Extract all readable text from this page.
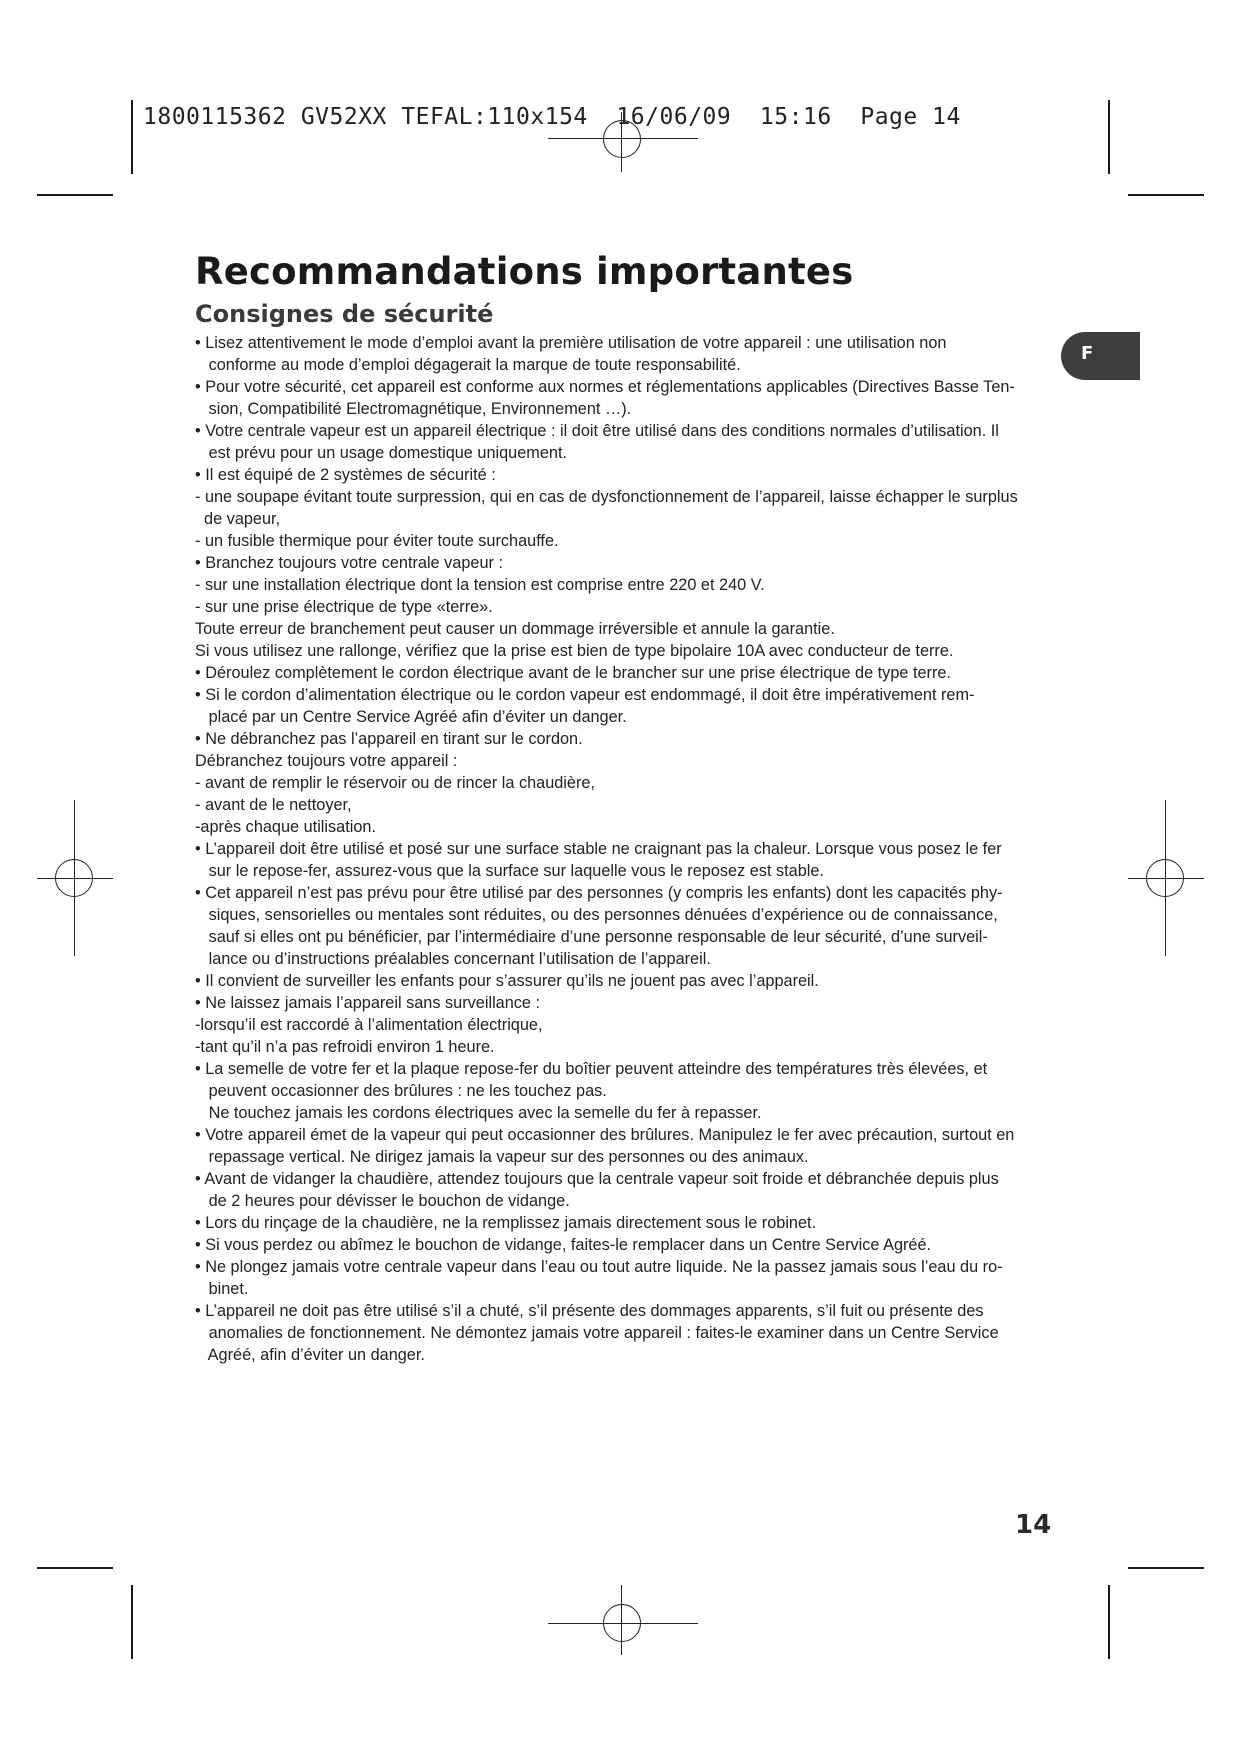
1800115362 GV52XX TEFAL:110x154  16/06/09  15:16  Page 14
Recommandations importantes
Consignes de sécurité
F
• Lisez attentivement le mode d’emploi avant la première utilisation de votre appareil : une utilisation non
conforme au mode d’emploi dégagerait la marque de toute responsabilité.
• Pour votre sécurité, cet appareil est conforme aux normes et réglementations applicables (Directives Basse Ten-
sion, Compatibilité Electromagnétique, Environnement …).
• Votre centrale vapeur est un appareil électrique : il doit être utilisé dans des conditions normales d’utilisation. Il
est prévu pour un usage domestique uniquement.
• Il est équipé de 2 systèmes de sécurité :
- une soupape évitant toute surpression, qui en cas de dysfonctionnement de l’appareil, laisse échapper le surplus
de vapeur,
- un fusible thermique pour éviter toute surchauffe.
• Branchez toujours votre centrale vapeur :
- sur une installation électrique dont la tension est comprise entre 220 et 240 V.
- sur une prise électrique de type «terre».
Toute erreur de branchement peut causer un dommage irréversible et annule la garantie.
Si vous utilisez une rallonge, vérifiez que la prise est bien de type bipolaire 10A avec conducteur de terre.
• Déroulez complètement le cordon électrique avant de le brancher sur une prise électrique de type terre.
• Si le cordon d’alimentation électrique ou le cordon vapeur est endommagé, il doit être impérativement rem-
placé par un Centre Service Agréé afin d’éviter un danger.
• Ne débranchez pas l’appareil en tirant sur le cordon.
Débranchez toujours votre appareil :
- avant de remplir le réservoir ou de rincer la chaudière,
- avant de le nettoyer,
-après chaque utilisation.
• L’appareil doit être utilisé et posé sur une surface stable ne craignant pas la chaleur. Lorsque vous posez le fer
sur le repose-fer, assurez-vous que la surface sur laquelle vous le reposez est stable.
• Cet appareil n’est pas prévu pour être utilisé par des personnes (y compris les enfants) dont les capacités phy-
siques, sensorielles ou mentales sont réduites, ou des personnes dénuées d’expérience ou de connaissance,
sauf si elles ont pu bénéficier, par l’intermédiaire d’une personne responsable de leur sécurité, d’une surveil-
lance ou d’instructions préalables concernant l’utilisation de l’appareil.
• Il convient de surveiller les enfants pour s’assurer qu’ils ne jouent pas avec l’appareil.
• Ne laissez jamais l’appareil sans surveillance :
-lorsqu’il est raccordé à l’alimentation électrique,
-tant qu’il n’a pas refroidi environ 1 heure.
• La semelle de votre fer et la plaque repose-fer du boîtier peuvent atteindre des températures très élevées, et
peuvent occasionner des brûlures : ne les touchez pas.
Ne touchez jamais les cordons électriques avec la semelle du fer à repasser.
• Votre appareil émet de la vapeur qui peut occasionner des brûlures. Manipulez le fer avec précaution, surtout en
repassage vertical. Ne dirigez jamais la vapeur sur des personnes ou des animaux.
• Avant de vidanger la chaudière, attendez toujours que la centrale vapeur soit froide et débranchée depuis plus
de 2 heures pour dévisser le bouchon de vidange.
• Lors du rinçage de la chaudière, ne la remplissez jamais directement sous le robinet.
• Si vous perdez ou abîmez le bouchon de vidange, faites-le remplacer dans un Centre Service Agréé.
• Ne plongez jamais votre centrale vapeur dans l’eau ou tout autre liquide. Ne la passez jamais sous l’eau du ro-
binet.
• L’appareil ne doit pas être utilisé s’il a chuté, s’il présente des dommages apparents, s’il fuit ou présente des
anomalies de fonctionnement. Ne démontez jamais votre appareil : faites-le examiner dans un Centre Service
Agréé, afin d’éviter un danger.
14
